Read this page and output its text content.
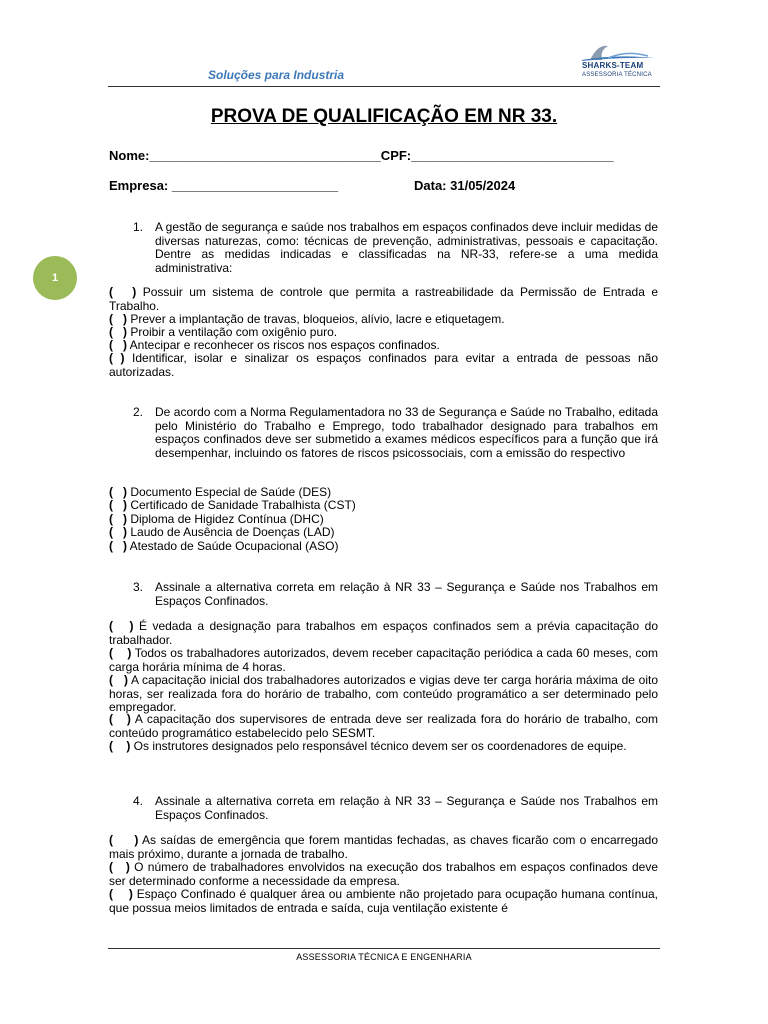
Soluções para Industria
SHARKS-TEAM
ASSESSORIA TÉCNICA
PROVA DE QUALIFICAÇÃO EM NR 33.
Nome:________________________________CPF:____________________________
Empresa: _______________________	Data: 31/05/2024
1
1. A gestão de segurança e saúde nos trabalhos em espaços confinados deve incluir medidas de diversas naturezas, como: técnicas de prevenção, administrativas, pessoais e capacitação. Dentre as medidas indicadas e classificadas na NR-33, refere-se a uma medida administrativa:
(   ) Possuir um sistema de controle que permita a rastreabilidade da Permissão de Entrada e Trabalho.
(   ) Prever a implantação de travas, bloqueios, alívio, lacre e etiquetagem.
(   ) Proibir a ventilação com oxigênio puro.
(   ) Antecipar e reconhecer os riscos nos espaços confinados.
( ) Identificar, isolar e sinalizar os espaços confinados para evitar a entrada de pessoas não autorizadas.
2. De acordo com a Norma Regulamentadora no 33 de Segurança e Saúde no Trabalho, editada pelo Ministério do Trabalho e Emprego, todo trabalhador designado para trabalhos em espaços confinados deve ser submetido a exames médicos específicos para a função que irá desempenhar, incluindo os fatores de riscos psicossociais, com a emissão do respectivo
(   ) Documento Especial de Saúde (DES)
(   ) Certificado de Sanidade Trabalhista (CST)
(   ) Diploma de Higidez Contínua (DHC)
(   ) Laudo de Ausência de Doenças (LAD)
(   ) Atestado de Saúde Ocupacional (ASO)
3. Assinale a alternativa correta em relação à NR 33 – Segurança e Saúde nos Trabalhos em Espaços Confinados.
(   ) É vedada a designação para trabalhos em espaços confinados sem a prévia capacitação do trabalhador.
(    ) Todos os trabalhadores autorizados, devem receber capacitação periódica a cada 60 meses, com carga horária mínima de 4 horas.
(   ) A capacitação inicial dos trabalhadores autorizados e vigias deve ter carga horária máxima de oito horas, ser realizada fora do horário de trabalho, com conteúdo programático a ser determinado pelo empregador.
(   ) A capacitação dos supervisores de entrada deve ser realizada fora do horário de trabalho, com conteúdo programático estabelecido pelo SESMT.
(    ) Os instrutores designados pelo responsável técnico devem ser os coordenadores de equipe.
4. Assinale a alternativa correta em relação à NR 33 – Segurança e Saúde nos Trabalhos em Espaços Confinados.
(     ) As saídas de emergência que forem mantidas fechadas, as chaves ficarão com o encarregado mais próximo, durante a jornada de trabalho.
(   ) O número de trabalhadores envolvidos na execução dos trabalhos em espaços confinados deve ser determinado conforme a necessidade da empresa.
(    ) Espaço Confinado é qualquer área ou ambiente não projetado para ocupação humana contínua, que possua meios limitados de entrada e saída, cuja ventilação existente é
ASSESSORIA TÉCNICA E ENGENHARIA
